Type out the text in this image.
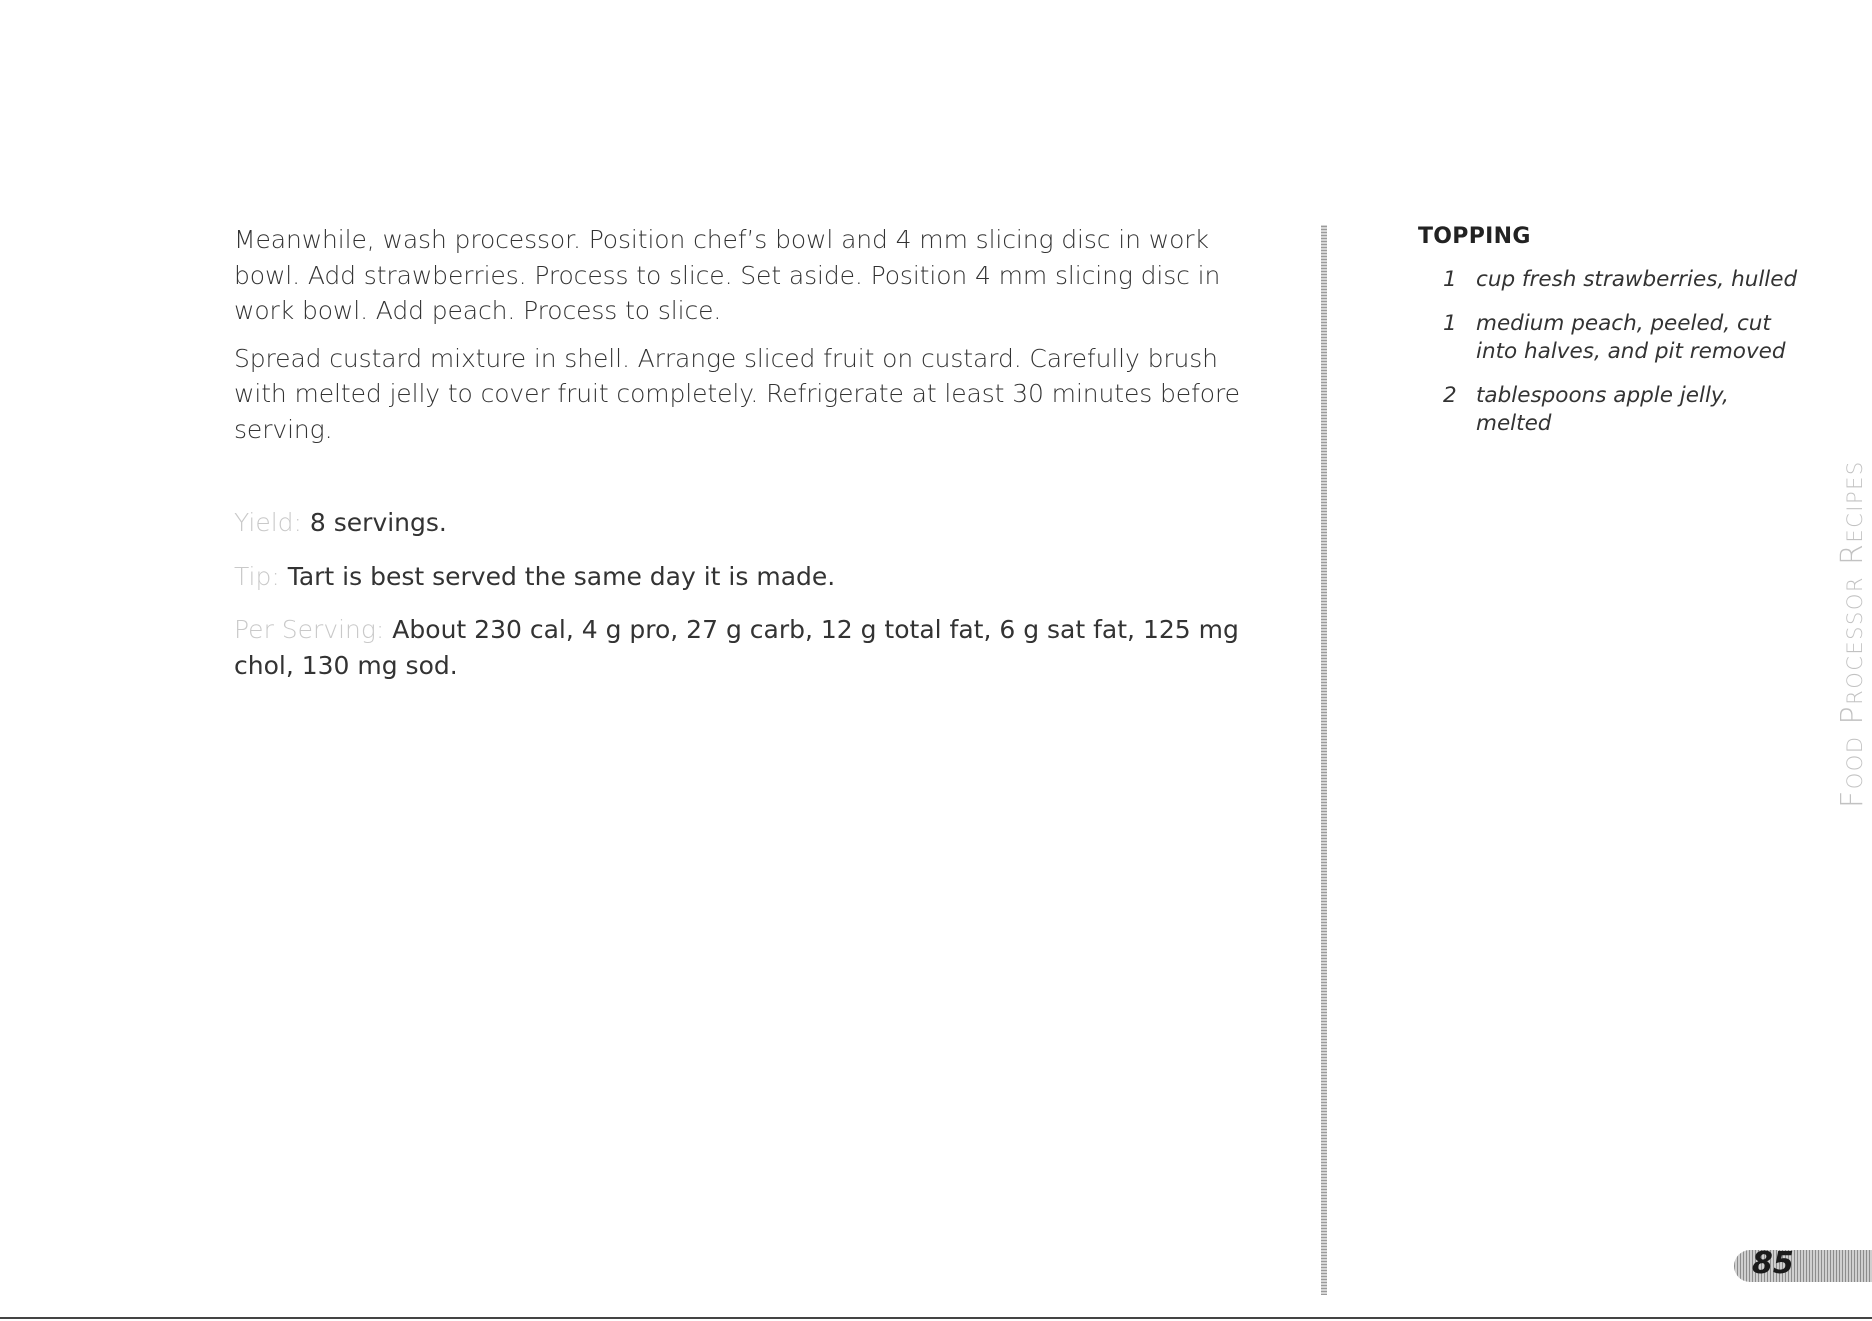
Meanwhile, wash processor. Position chef’s bowl and 4 mm slicing disc in work bowl. Add strawberries. Process to slice. Set aside. Position 4 mm slicing disc in work bowl. Add peach. Process to slice.

Spread custard mixture in shell. Arrange sliced fruit on custard. Carefully brush with melted jelly to cover fruit completely. Refrigerate at least 30 minutes before serving.

Yield: 8 servings.

Tip: Tart is best served the same day it is made.

Per Serving: About 230 cal, 4 g pro, 27 g carb, 12 g total fat, 6 g sat fat, 125 mg chol, 130 mg sod.

TOPPING
1 cup fresh strawberries, hulled
1 medium peach, peeled, cut into halves, and pit removed
2 tablespoons apple jelly, melted
Food Processor Recipes
85
